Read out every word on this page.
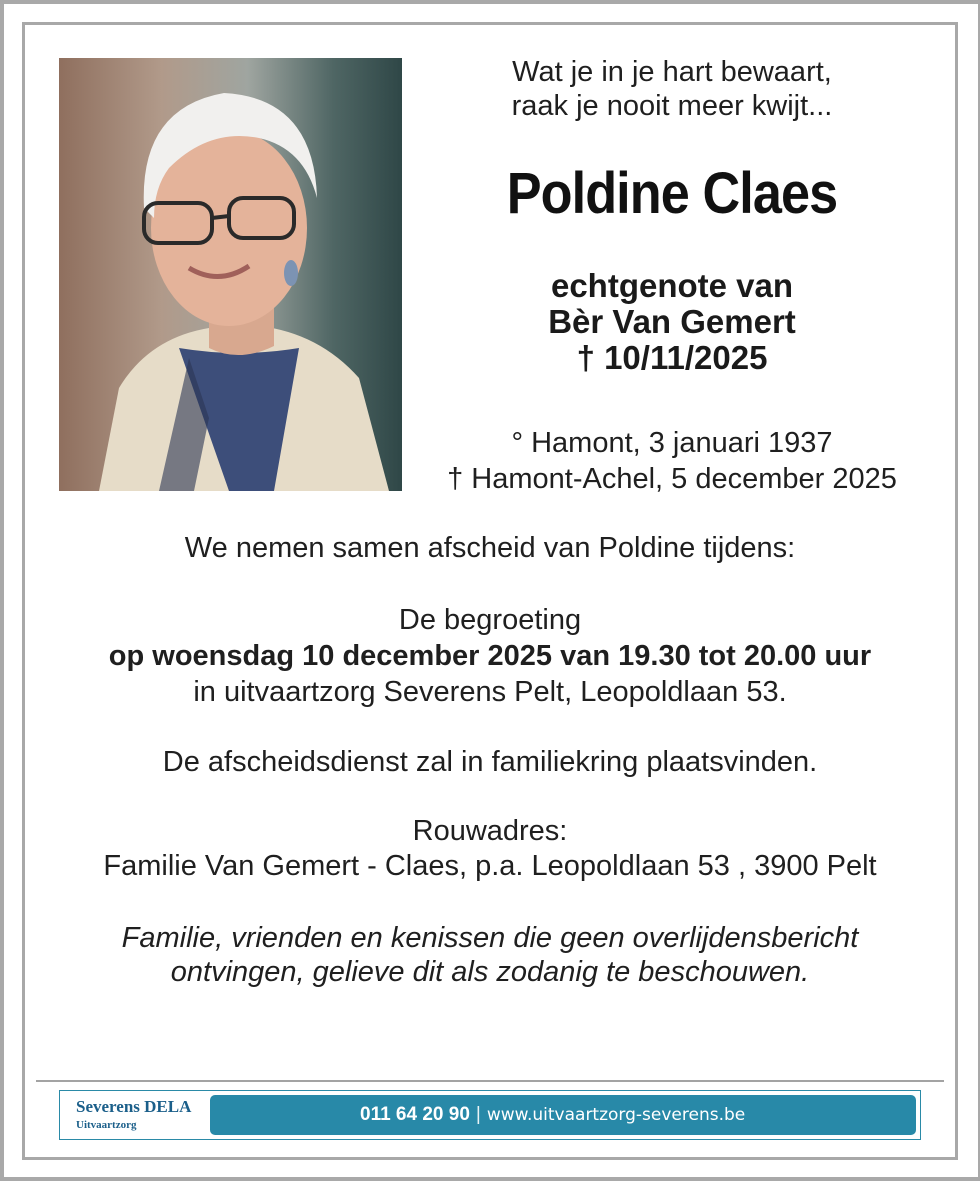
Wat je in je hart bewaart,
raak je nooit meer kwijt...
Poldine Claes
echtgenote van
Bèr Van Gemert
† 10/11/2025
° Hamont, 3 januari 1937
† Hamont-Achel, 5 december 2025
We nemen samen afscheid van Poldine tijdens:
De begroeting
op woensdag 10 december 2025 van 19.30 tot 20.00 uur
in uitvaartzorg Severens Pelt, Leopoldlaan 53.
De afscheidsdienst zal in familiekring plaatsvinden.
Rouwadres:
Familie Van Gemert - Claes, p.a. Leopoldlaan 53 , 3900 Pelt
Familie, vrienden en kenissen die geen overlijdensbericht
ontvingen, gelieve dit als zodanig te beschouwen.
Severens DELA
Uitvaartzorg	011 64 20 90 | www.uitvaartzorg-severens.be
